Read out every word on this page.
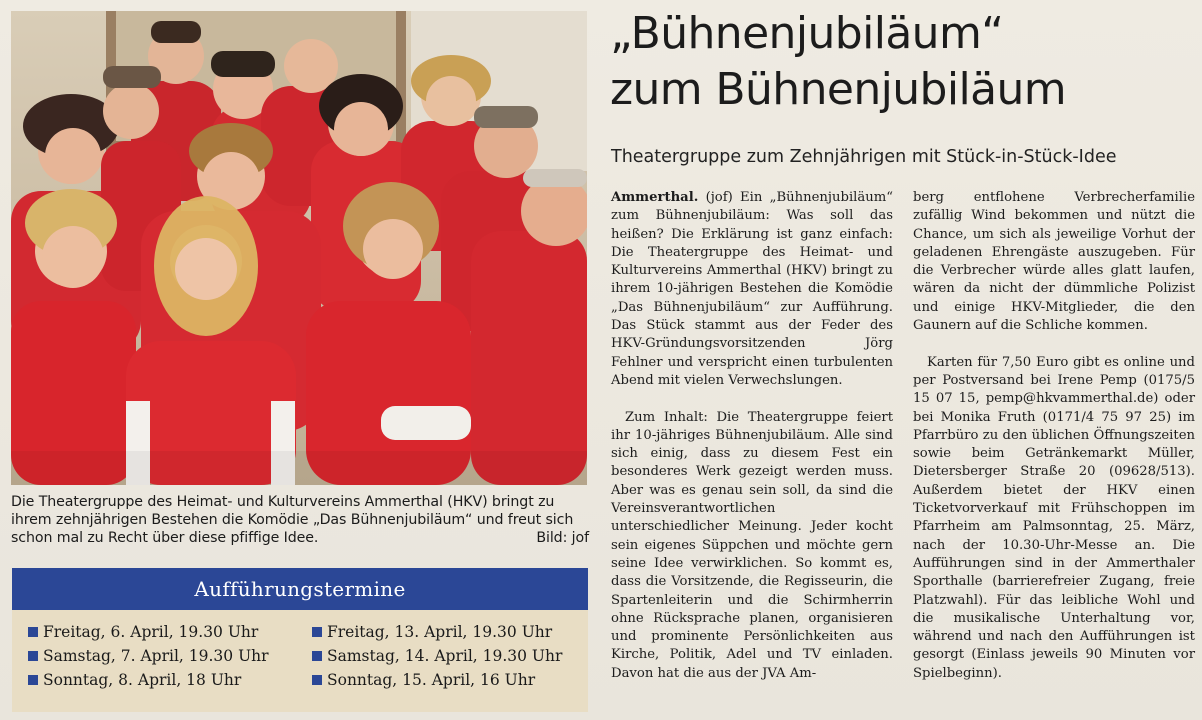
Die Theatergruppe des Heimat- und Kulturvereins Ammerthal (HKV) bringt zu ihrem zehnjährigen Bestehen die Komödie „Das Bühnenjubiläum“ und freut sich schon mal zu Recht über diese pfiffige Idee.	Bild: jof
Aufführungstermine
Freitag, 6. April, 19.30 Uhr
Samstag, 7. April, 19.30 Uhr
Sonntag, 8. April, 18 Uhr
Freitag, 13. April, 19.30 Uhr
Samstag, 14. April, 19.30 Uhr
Sonntag, 15. April, 16 Uhr
„Bühnenjubiläum“
zum Bühnenjubiläum
Theatergruppe zum Zehnjährigen mit Stück-in-Stück-Idee

Ammerthal. (jof) Ein „Bühnenjubiläum“ zum Bühnenjubiläum: Was soll das heißen? Die Erklärung ist ganz einfach: Die Theatergruppe des Heimat- und Kulturvereins Ammerthal (HKV) bringt zu ihrem 10-jährigen Bestehen die Komödie „Das Bühnenjubiläum“ zur Aufführung. Das Stück stammt aus der Feder des HKV-Gründungsvorsitzenden Jörg Fehlner und verspricht einen turbulenten Abend mit vielen Verwechslungen.

Zum Inhalt: Die Theatergruppe feiert ihr 10-jähriges Bühnenjubiläum. Alle sind sich einig, dass zu diesem Fest ein besonderes Werk gezeigt werden muss. Aber was es genau sein soll, da sind die Vereinsverantwortlichen unterschiedlicher Meinung. Jeder kocht sein eigenes Süppchen und möchte gern seine Idee verwirklichen. So kommt es, dass die Vorsitzende, die Regisseurin, die Spartenleiterin und die Schirmherrin ohne Rücksprache planen, organisieren und prominente Persönlichkeiten aus Kirche, Politik, Adel und TV einladen. Davon hat die aus der JVA Am-

berg entflohene Verbrecherfamilie zufällig Wind bekommen und nützt die Chance, um sich als jeweilige Vorhut der geladenen Ehrengäste auszugeben. Für die Verbrecher würde alles glatt laufen, wären da nicht der dümmliche Polizist und einige HKV-Mitglieder, die den Gaunern auf die Schliche kommen.

Karten für 7,50 Euro gibt es online und per Postversand bei Irene Pemp (0175/5 15 07 15, pemp@hkvammerthal.de) oder bei Monika Fruth (0171/4 75 97 25) im Pfarrbüro zu den üblichen Öffnungszeiten sowie beim Getränkemarkt Müller, Dietersberger Straße 20 (09628/513). Außerdem bietet der HKV einen Ticketvorverkauf mit Frühschoppen im Pfarrheim am Palmsonntag, 25. März, nach der 10.30-Uhr-Messe an. Die Aufführungen sind in der Ammerthaler Sporthalle (barrierefreier Zugang, freie Platzwahl). Für das leibliche Wohl und die musikalische Unterhaltung vor, während und nach den Aufführungen ist gesorgt (Einlass jeweils 90 Minuten vor Spielbeginn).
